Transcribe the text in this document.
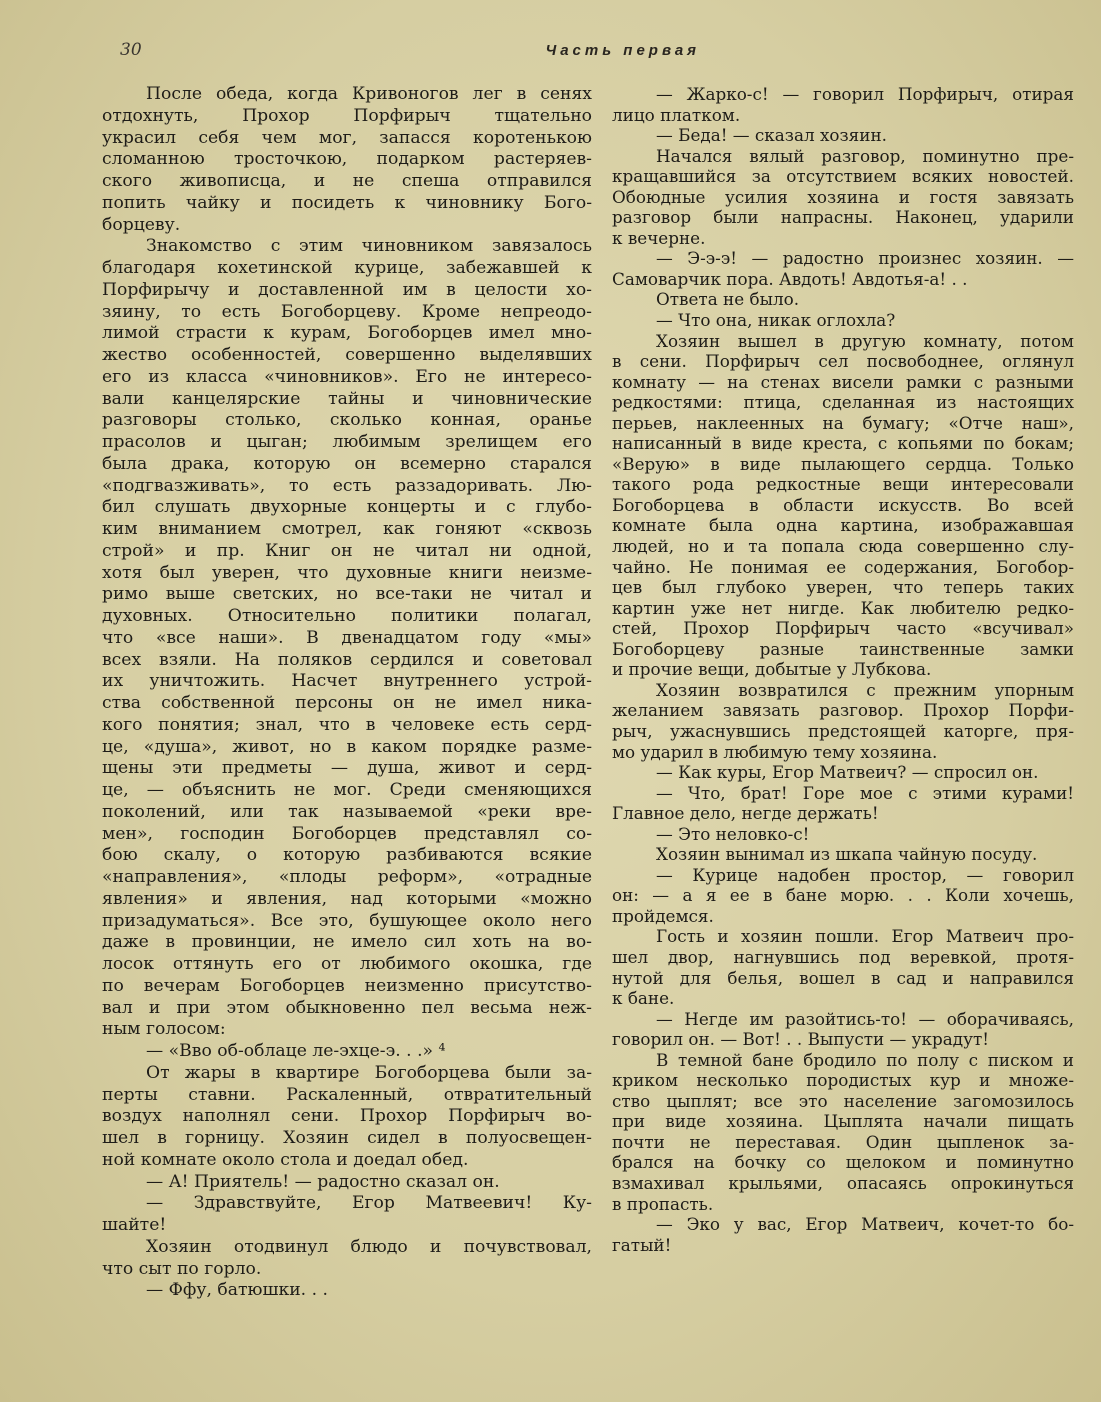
30	Часть первая
После обеда, когда Кривоногов лег в сенях
отдохнуть, Прохор Порфирыч тщательно
украсил себя чем мог, запасся коротенькою
сломанною тросточкою, подарком растеряев-
ского живописца, и не спеша отправился
попить чайку и посидеть к чиновнику Бого-
борцеву.
Знакомство с этим чиновником завязалось
благодаря кохетинской курице, забежавшей к
Порфирычу и доставленной им в целости хо-
зяину, то есть Богоборцеву. Кроме непреодо-
лимой страсти к курам, Богоборцев имел мно-
жество особенностей, совершенно выделявших
его из класса «чиновников». Его не интересо-
вали канцелярские тайны и чиновнические
разговоры столько, сколько конная, оранье
прасолов и цыган; любимым зрелищем его
была драка, которую он всемерно старался
«подгвазживать», то есть раззадоривать. Лю-
бил слушать двухорные концерты и с глубо-
ким вниманием смотрел, как гоняют «сквозь
строй» и пр. Книг он не читал ни одной,
хотя был уверен, что духовные книги неизме-
римо выше светских, но все-таки не читал и
духовных. Относительно политики полагал,
что «все наши». В двенадцатом году «мы»
всех взяли. На поляков сердился и советовал
их уничтожить. Насчет внутреннего устрой-
ства собственной персоны он не имел ника-
кого понятия; знал, что в человеке есть серд-
це, «душа», живот, но в каком порядке разме-
щены эти предметы — душа, живот и серд-
це, — объяснить не мог. Среди сменяющихся
поколений, или так называемой «реки вре-
мен», господин Богоборцев представлял со-
бою скалу, о которую разбиваются всякие
«направления», «плоды реформ», «отрадные
явления» и явления, над которыми «можно
призадуматься». Все это, бушующее около него
даже в провинции, не имело сил хоть на во-
лосок оттянуть его от любимого окошка, где
по вечерам Богоборцев неизменно присутство-
вал и при этом обыкновенно пел весьма неж-
ным голосом:
— «Вво об-облаце ле-эхце-э. . .» ⁴
От жары в квартире Богоборцева были за-
перты ставни. Раскаленный, отвратительный
воздух наполнял сени. Прохор Порфирыч во-
шел в горницу. Хозяин сидел в полуосвещен-
ной комнате около стола и доедал обед.
— А! Приятель! — радостно сказал он.
— Здравствуйте, Егор Матвеевич! Ку-
шайте!
Хозяин отодвинул блюдо и почувствовал,
что сыт по горло.
— Ффу, батюшки. . .
— Жарко-с! — говорил Порфирыч, отирая
лицо платком.
— Беда! — сказал хозяин.
Начался вялый разговор, поминутно пре-
кращавшийся за отсутствием всяких новостей.
Обоюдные усилия хозяина и гостя завязать
разговор были напрасны. Наконец, ударили
к вечерне.
— Э-э-э! — радостно произнес хозяин. —
Самоварчик пора. Авдоть! Авдотья-а! . .
Ответа не было.
— Что она, никак оглохла?
Хозяин вышел в другую комнату, потом
в сени. Порфирыч сел посвободнее, оглянул
комнату — на стенах висели рамки с разными
редкостями: птица, сделанная из настоящих
перьев, наклеенных на бумагу; «Отче наш»,
написанный в виде креста, с копьями по бокам;
«Верую» в виде пылающего сердца. Только
такого рода редкостные вещи интересовали
Богоборцева в области искусств. Во всей
комнате была одна картина, изображавшая
людей, но и та попала сюда совершенно слу-
чайно. Не понимая ее содержания, Богобор-
цев был глубоко уверен, что теперь таких
картин уже нет нигде. Как любителю редко-
стей, Прохор Порфирыч часто «всучивал»
Богоборцеву разные таинственные замки
и прочие вещи, добытые у Лубкова.
Хозяин возвратился с прежним упорным
желанием завязать разговор. Прохор Порфи-
рыч, ужаснувшись предстоящей каторге, пря-
мо ударил в любимую тему хозяина.
— Как куры, Егор Матвеич? — спросил он.
— Что, брат! Горе мое с этими курами!
Главное дело, негде держать!
— Это неловко-с!
Хозяин вынимал из шкапа чайную посуду.
— Курице надобен простор, — говорил
он: — а я ее в бане морю. . . Коли хочешь,
пройдемся.
Гость и хозяин пошли. Егор Матвеич про-
шел двор, нагнувшись под веревкой, протя-
нутой для белья, вошел в сад и направился
к бане.
— Негде им разойтись-то! — оборачиваясь,
говорил он. — Вот! . . Выпусти — украдут!
В темной бане бродило по полу с писком и
криком несколько породистых кур и множе-
ство цыплят; все это население загомозилось
при виде хозяина. Цыплята начали пищать
почти не переставая. Один цыпленок за-
брался на бочку со щелоком и поминутно
взмахивал крыльями, опасаясь опрокинуться
в пропасть.
— Эко у вас, Егор Матвеич, кочет-то бо-
гатый!
